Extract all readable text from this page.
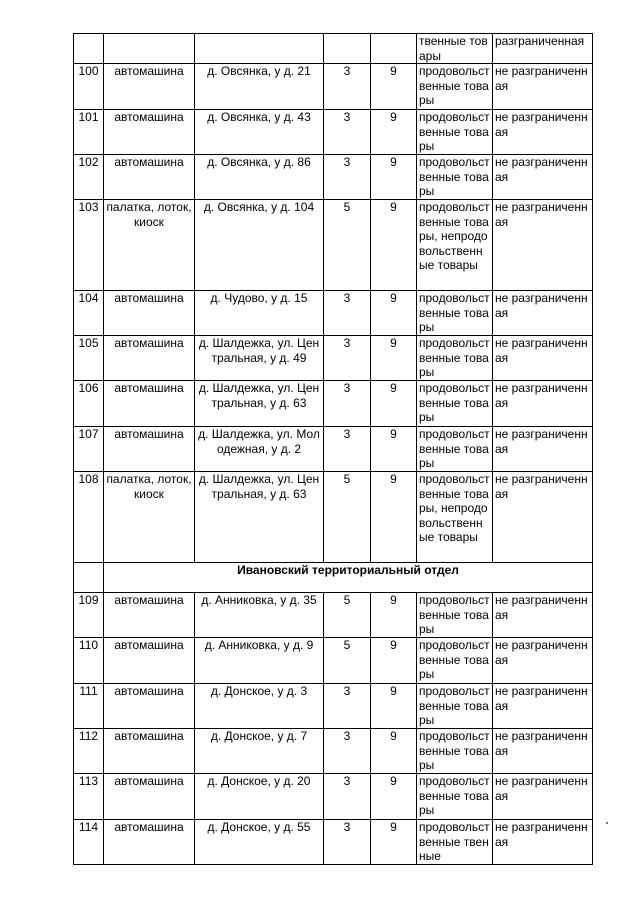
					твенные товары	разграниченная
100	автомашина	д. Овсянка, у д. 21	3	9	продовольственные товары	не разграниченная
101	автомашина	д. Овсянка, у д. 43	3	9	продовольственные товары	не разграниченная
102	автомашина	д. Овсянка, у д. 86	3	9	продовольственные товары	не разграниченная
103	палатка, лоток, киоск	д. Овсянка, у д. 104	5	9	продовольственные товары, непродовольственные товары	не разграниченная
104	автомашина	д. Чудово, у д. 15	3	9	продовольственные товары	не разграниченная
105	автомашина	д. Шалдежка, ул. Центральная, у д. 49	3	9	продовольственные товары	не разграниченная
106	автомашина	д. Шалдежка, ул. Центральная, у д. 63	3	9	продовольственные товары	не разграниченная
107	автомашина	д. Шалдежка, ул. Молодежная, у д. 2	3	9	продовольственные товары	не разграниченная
108	палатка, лоток, киоск	д. Шалдежка, ул. Центральная, у д. 63	5	9	продовольственные товары, непродовольственные товары	не разграниченная
	Ивановский территориальный отдел					
109	автомашина	д. Анниковка, у д. 35	5	9	продовольственные товары	не разграниченная
110	автомашина	д. Анниковка, у д. 9	5	9	продовольственные товары	не разграниченная
111	автомашина	д. Донское, у д. 3	3	9	продовольственные товары	не разграниченная
112	автомашина	д. Донское, у д. 7	3	9	продовольственные товары	не разграниченная
113	автомашина	д. Донское, у д. 20	3	9	продовольственные товары	не разграниченная
114	автомашина	д. Донское, у д. 55	3	9	продовольственные твенные	не разграниченная
